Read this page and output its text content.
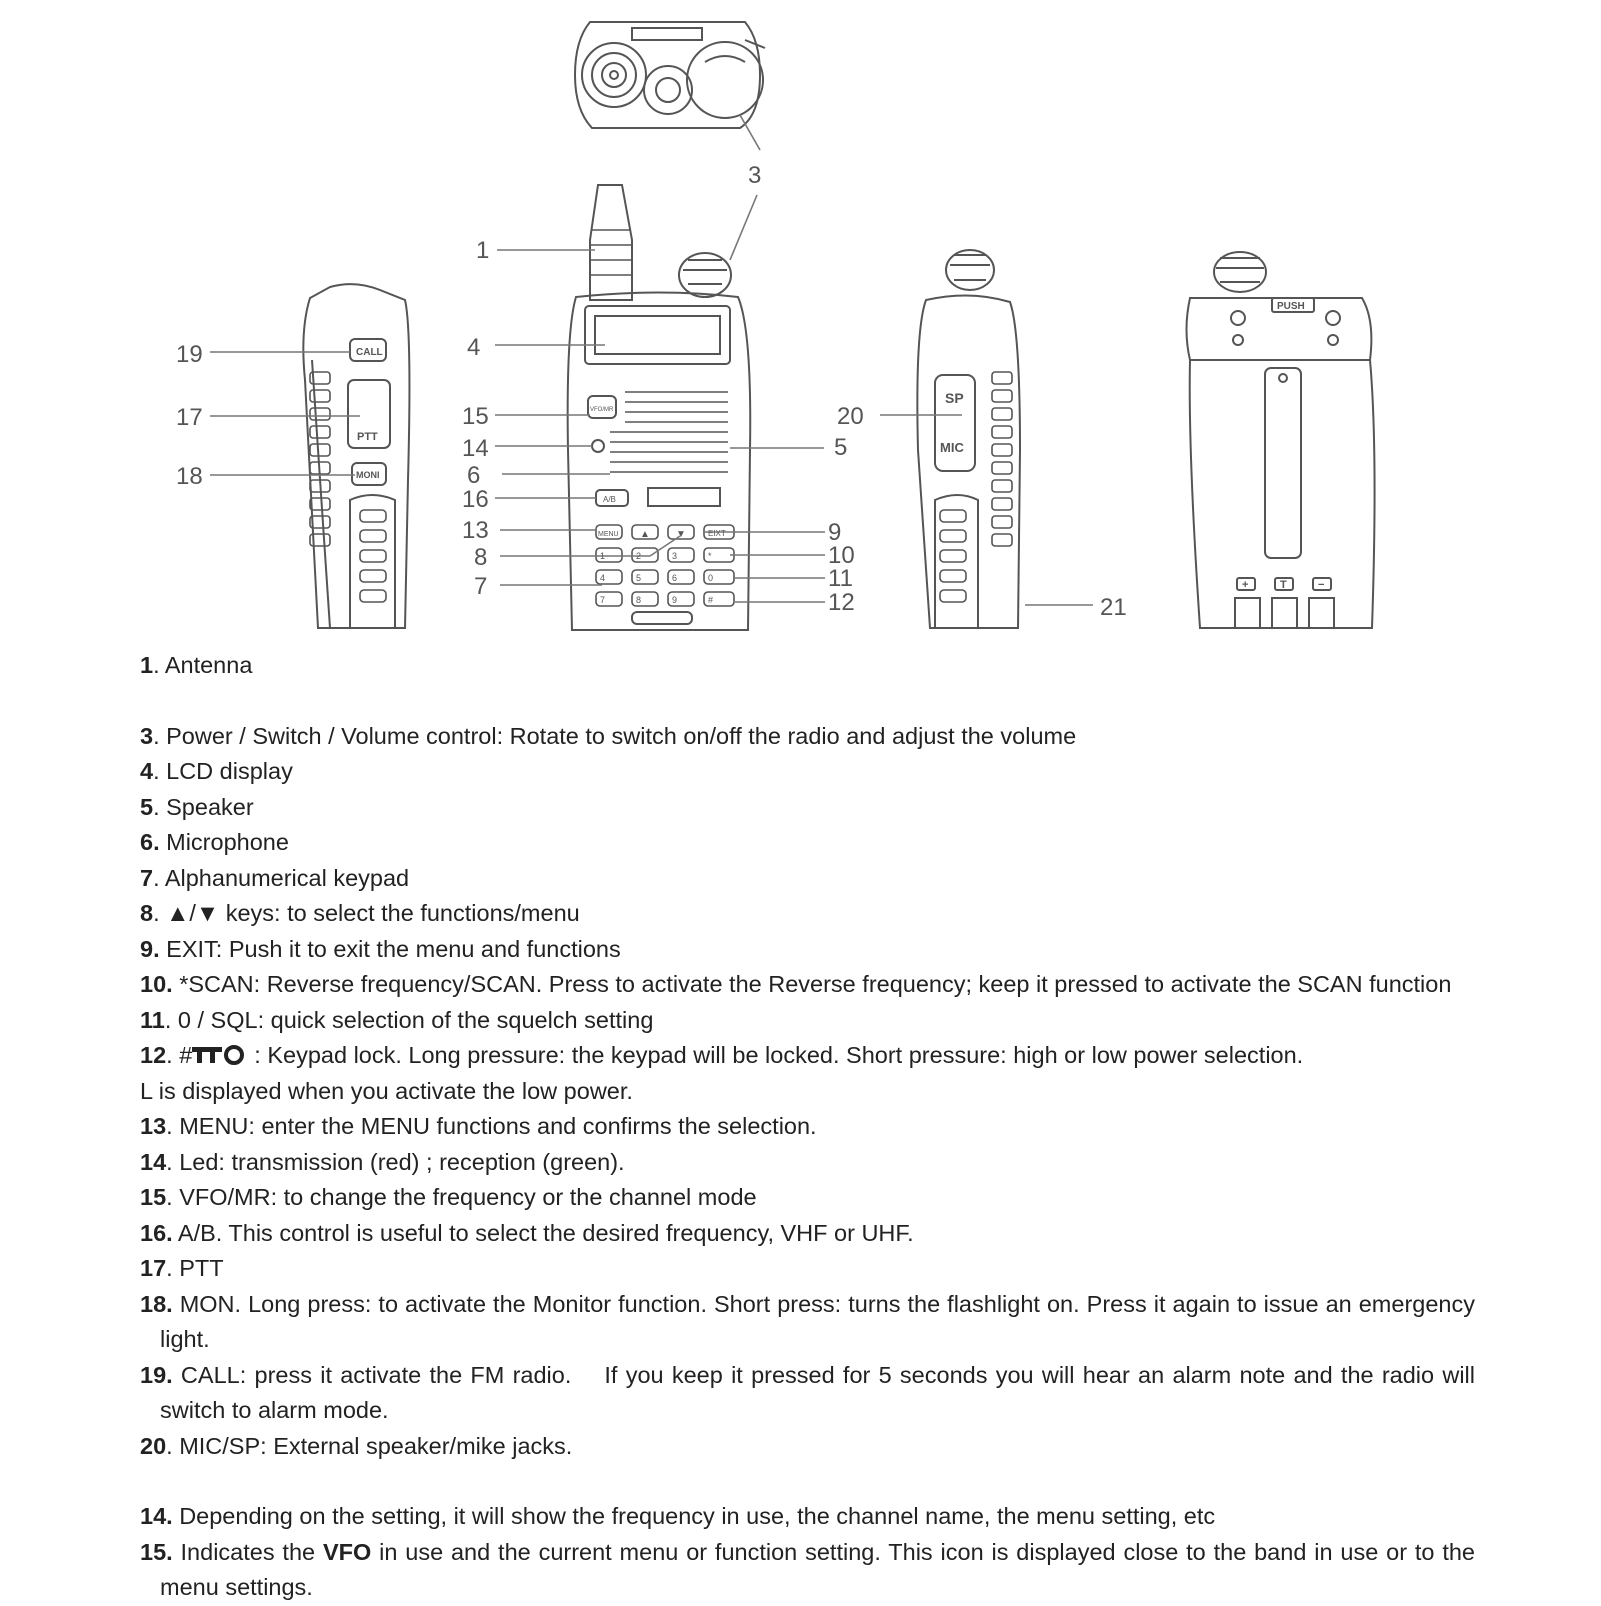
1
3
4
5
6
7
8
9
10
11
12
13
14
15
16
17
18
19
20
21
CALL
PTT
MONI
SP
MIC
PUSH
A/B
VFO/MR
MENU ▲	▼	EIXT
1	2	3	*
4	5	6	0
7	8	9	#
+	T	−
1. Antenna
3. Power / Switch / Volume control: Rotate to switch on/off the radio and adjust the volume
4. LCD display
5. Speaker
6. Microphone
7. Alphanumerical keypad
8. ▲/▼ keys: to select the functions/menu
9. EXIT: Push it to exit the menu and functions
10. *SCAN: Reverse frequency/SCAN. Press to activate the Reverse frequency; keep it pressed to activate the SCAN function
11. 0 / SQL: quick selection of the squelch setting
12. #	: Keypad lock. Long pressure: the keypad will be locked. Short pressure: high or low power selection.
L is displayed when you activate the low power.
13. MENU: enter the MENU functions and confirms the selection.
14. Led: transmission (red) ; reception (green).
15. VFO/MR: to change the frequency or the channel mode
16. A/B. This control is useful to select the desired frequency, VHF or UHF.
17. PTT
18. MON. Long press: to activate the Monitor function. Short press: turns the flashlight on. Press it again to issue an emergency light.
19. CALL: press it activate the FM radio.    If you keep it pressed for 5 seconds you will hear an alarm note and the radio will switch to alarm mode.
20. MIC/SP: External speaker/mike jacks.
14. Depending on the setting, it will show the frequency in use, the channel name, the menu setting, etc
15. Indicates the VFO in use and the current menu or function setting. This icon is displayed close to the band in use or to the menu settings.
